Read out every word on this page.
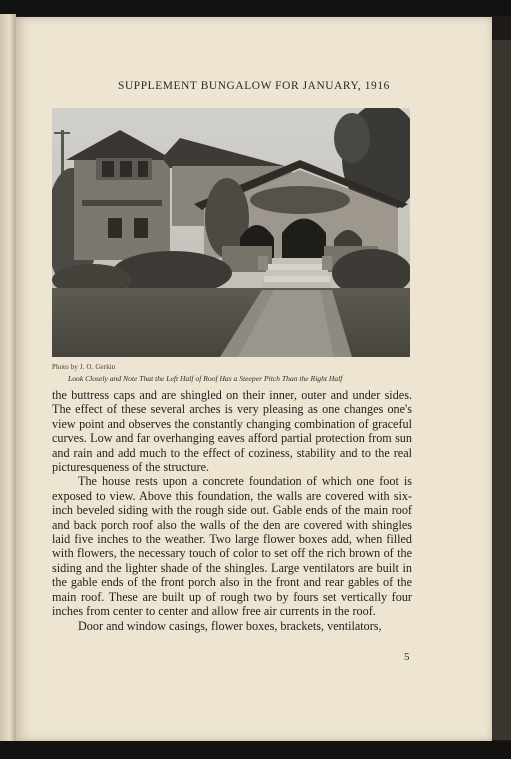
SUPPLEMENT BUNGALOW FOR JANUARY, 1916
Photo by J. O. Gerkin
Look Closely and Note That the Left Half of Roof Has a Steeper Pitch Than the Right Half

the buttress caps and are shingled on their inner, outer and under sides. The effect of these several arches is very pleasing as one changes one's view point and observes the constantly changing combination of graceful curves. Low and far overhanging eaves afford partial protection from sun and rain and add much to the effect of coziness, stability and to the real picturesqueness of the structure.

The house rests upon a concrete foundation of which one foot is exposed to view. Above this foundation, the walls are covered with six-inch beveled siding with the rough side out. Gable ends of the main roof and back porch roof also the walls of the den are covered with shingles laid five inches to the weather. Two large flower boxes add, when filled with flowers, the necessary touch of color to set off the rich brown of the siding and the lighter shade of the shingles. Large ventilators are built in the gable ends of the front porch also in the front and rear gables of the main roof. These are built up of rough two by fours set vertically four inches from center to center and allow free air currents in the roof.

Door and window casings, flower boxes, brackets, ventilators,

5
